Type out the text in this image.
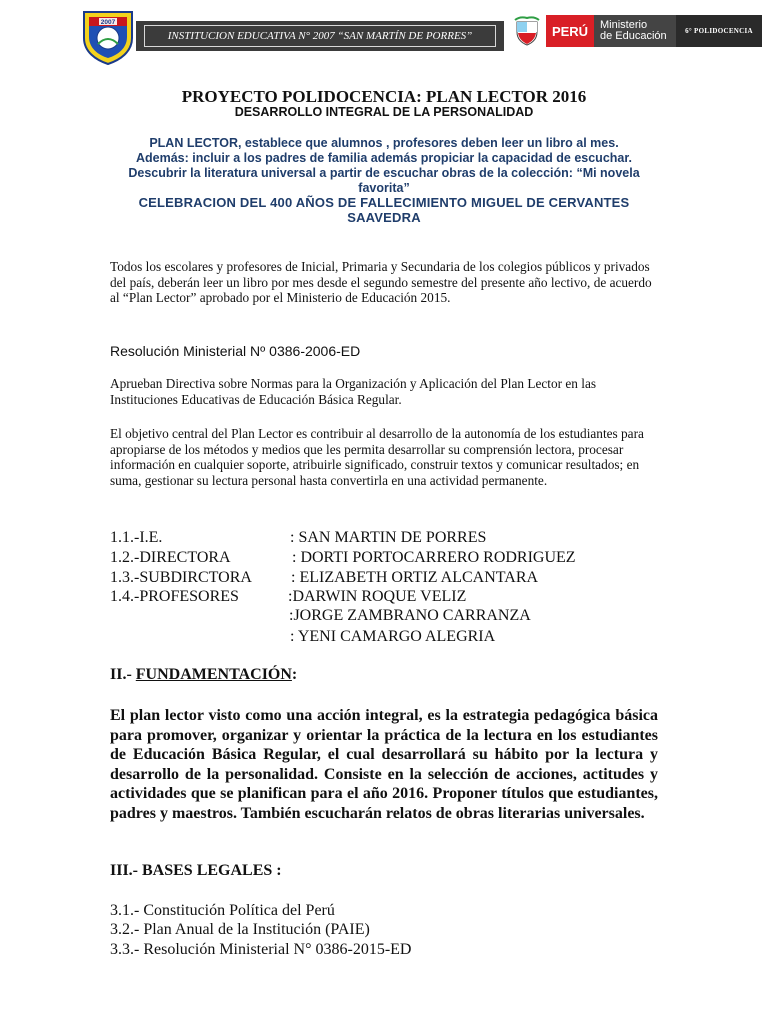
2007
INSTITUCION EDUCATIVA N° 2007 “SAN MARTÍN DE PORRES”	PERÚ	Ministerio
de Educación	6° POLIDOCENCIA
PROYECTO POLIDOCENCIA: PLAN LECTOR 2016
DESARROLLO INTEGRAL DE LA PERSONALIDAD
PLAN LECTOR, establece que alumnos , profesores deben leer un libro al mes.
Además: incluir a los padres de familia además propiciar la capacidad de escuchar.
Descubrir la literatura universal a partir de escuchar obras de la colección: “Mi novela favorita”
CELEBRACION DEL 400 AÑOS DE FALLECIMIENTO MIGUEL DE CERVANTES SAAVEDRA
Todos los escolares y profesores de Inicial, Primaria y Secundaria de los colegios públicos y privados del país, deberán leer un libro por mes desde el segundo semestre del presente año lectivo, de acuerdo al “Plan Lector” aprobado por el Ministerio de Educación 2015.
Resolución Ministerial Nº 0386-2006-ED
Aprueban Directiva sobre Normas para la Organización y Aplicación del Plan Lector en las Instituciones Educativas de Educación Básica Regular.
El objetivo central del Plan Lector es contribuir al desarrollo de la autonomía de los estudiantes para apropiarse de los métodos y medios que les permita desarrollar su comprensión lectora, procesar información en cualquier soporte, atribuirle significado, construir textos y comunicar resultados; en suma, gestionar su lectura personal hasta convertirla en una actividad permanente.
1.1.-I.E.	: SAN MARTIN DE PORRES
1.2.-DIRECTORA	: DORTI PORTOCARRERO RODRIGUEZ
1.3.-SUBDIRCTORA : ELIZABETH ORTIZ ALCANTARA
1.4.-PROFESORES	:DARWIN ROQUE VELIZ
:JORGE ZAMBRANO CARRANZA
: YENI CAMARGO ALEGRIA
II.- FUNDAMENTACIÓN:
El plan lector visto como una acción integral, es la estrategia pedagógica básica para promover, organizar y orientar la práctica de la lectura en los estudiantes de Educación Básica Regular, el cual desarrollará su hábito por la lectura y desarrollo de la personalidad. Consiste en la selección de acciones, actitudes y actividades que se planifican para el año 2016. Proponer títulos que estudiantes, padres y maestros. También escucharán relatos de obras literarias universales.
III.- BASES LEGALES :
3.1.- Constitución Política del Perú
3.2.- Plan Anual de la Institución (PAIE)
3.3.- Resolución Ministerial N° 0386-2015-ED
